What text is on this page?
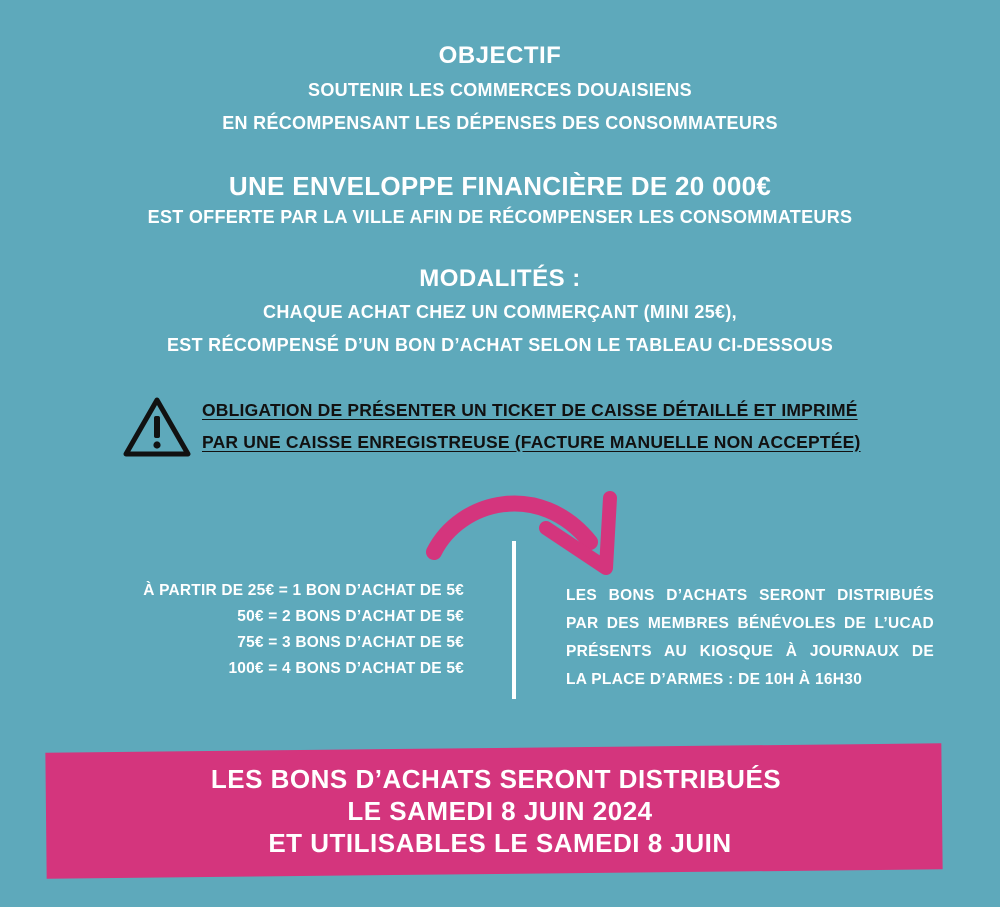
OBJECTIF
SOUTENIR LES COMMERCES DOUAISIENS
EN RÉCOMPENSANT LES DÉPENSES DES CONSOMMATEURS
UNE ENVELOPPE FINANCIÈRE DE 20 000€
EST OFFERTE PAR LA VILLE AFIN DE RÉCOMPENSER LES CONSOMMATEURS
MODALITÉS :
CHAQUE ACHAT CHEZ UN COMMERÇANT (MINI 25€),
EST RÉCOMPENSÉ D’UN BON D’ACHAT SELON LE TABLEAU CI-DESSOUS
OBLIGATION DE PRÉSENTER UN TICKET DE CAISSE DÉTAILLÉ ET IMPRIMÉ
PAR UNE CAISSE ENREGISTREUSE (FACTURE MANUELLE NON ACCEPTÉE)
À PARTIR DE 25€ = 1 BON D’ACHAT DE 5€
50€ = 2 BONS D’ACHAT DE 5€
75€ = 3 BONS D’ACHAT DE 5€
100€ = 4 BONS D’ACHAT DE 5€
LES BONS D’ACHATS SERONT DISTRIBUÉS
PAR DES MEMBRES BÉNÉVOLES DE L’UCAD
PRÉSENTS AU KIOSQUE À JOURNAUX DE
LA PLACE D’ARMES : DE 10H À 16H30
LES BONS D’ACHATS SERONT DISTRIBUÉS
LE SAMEDI 8 JUIN 2024
ET UTILISABLES LE SAMEDI 8 JUIN
